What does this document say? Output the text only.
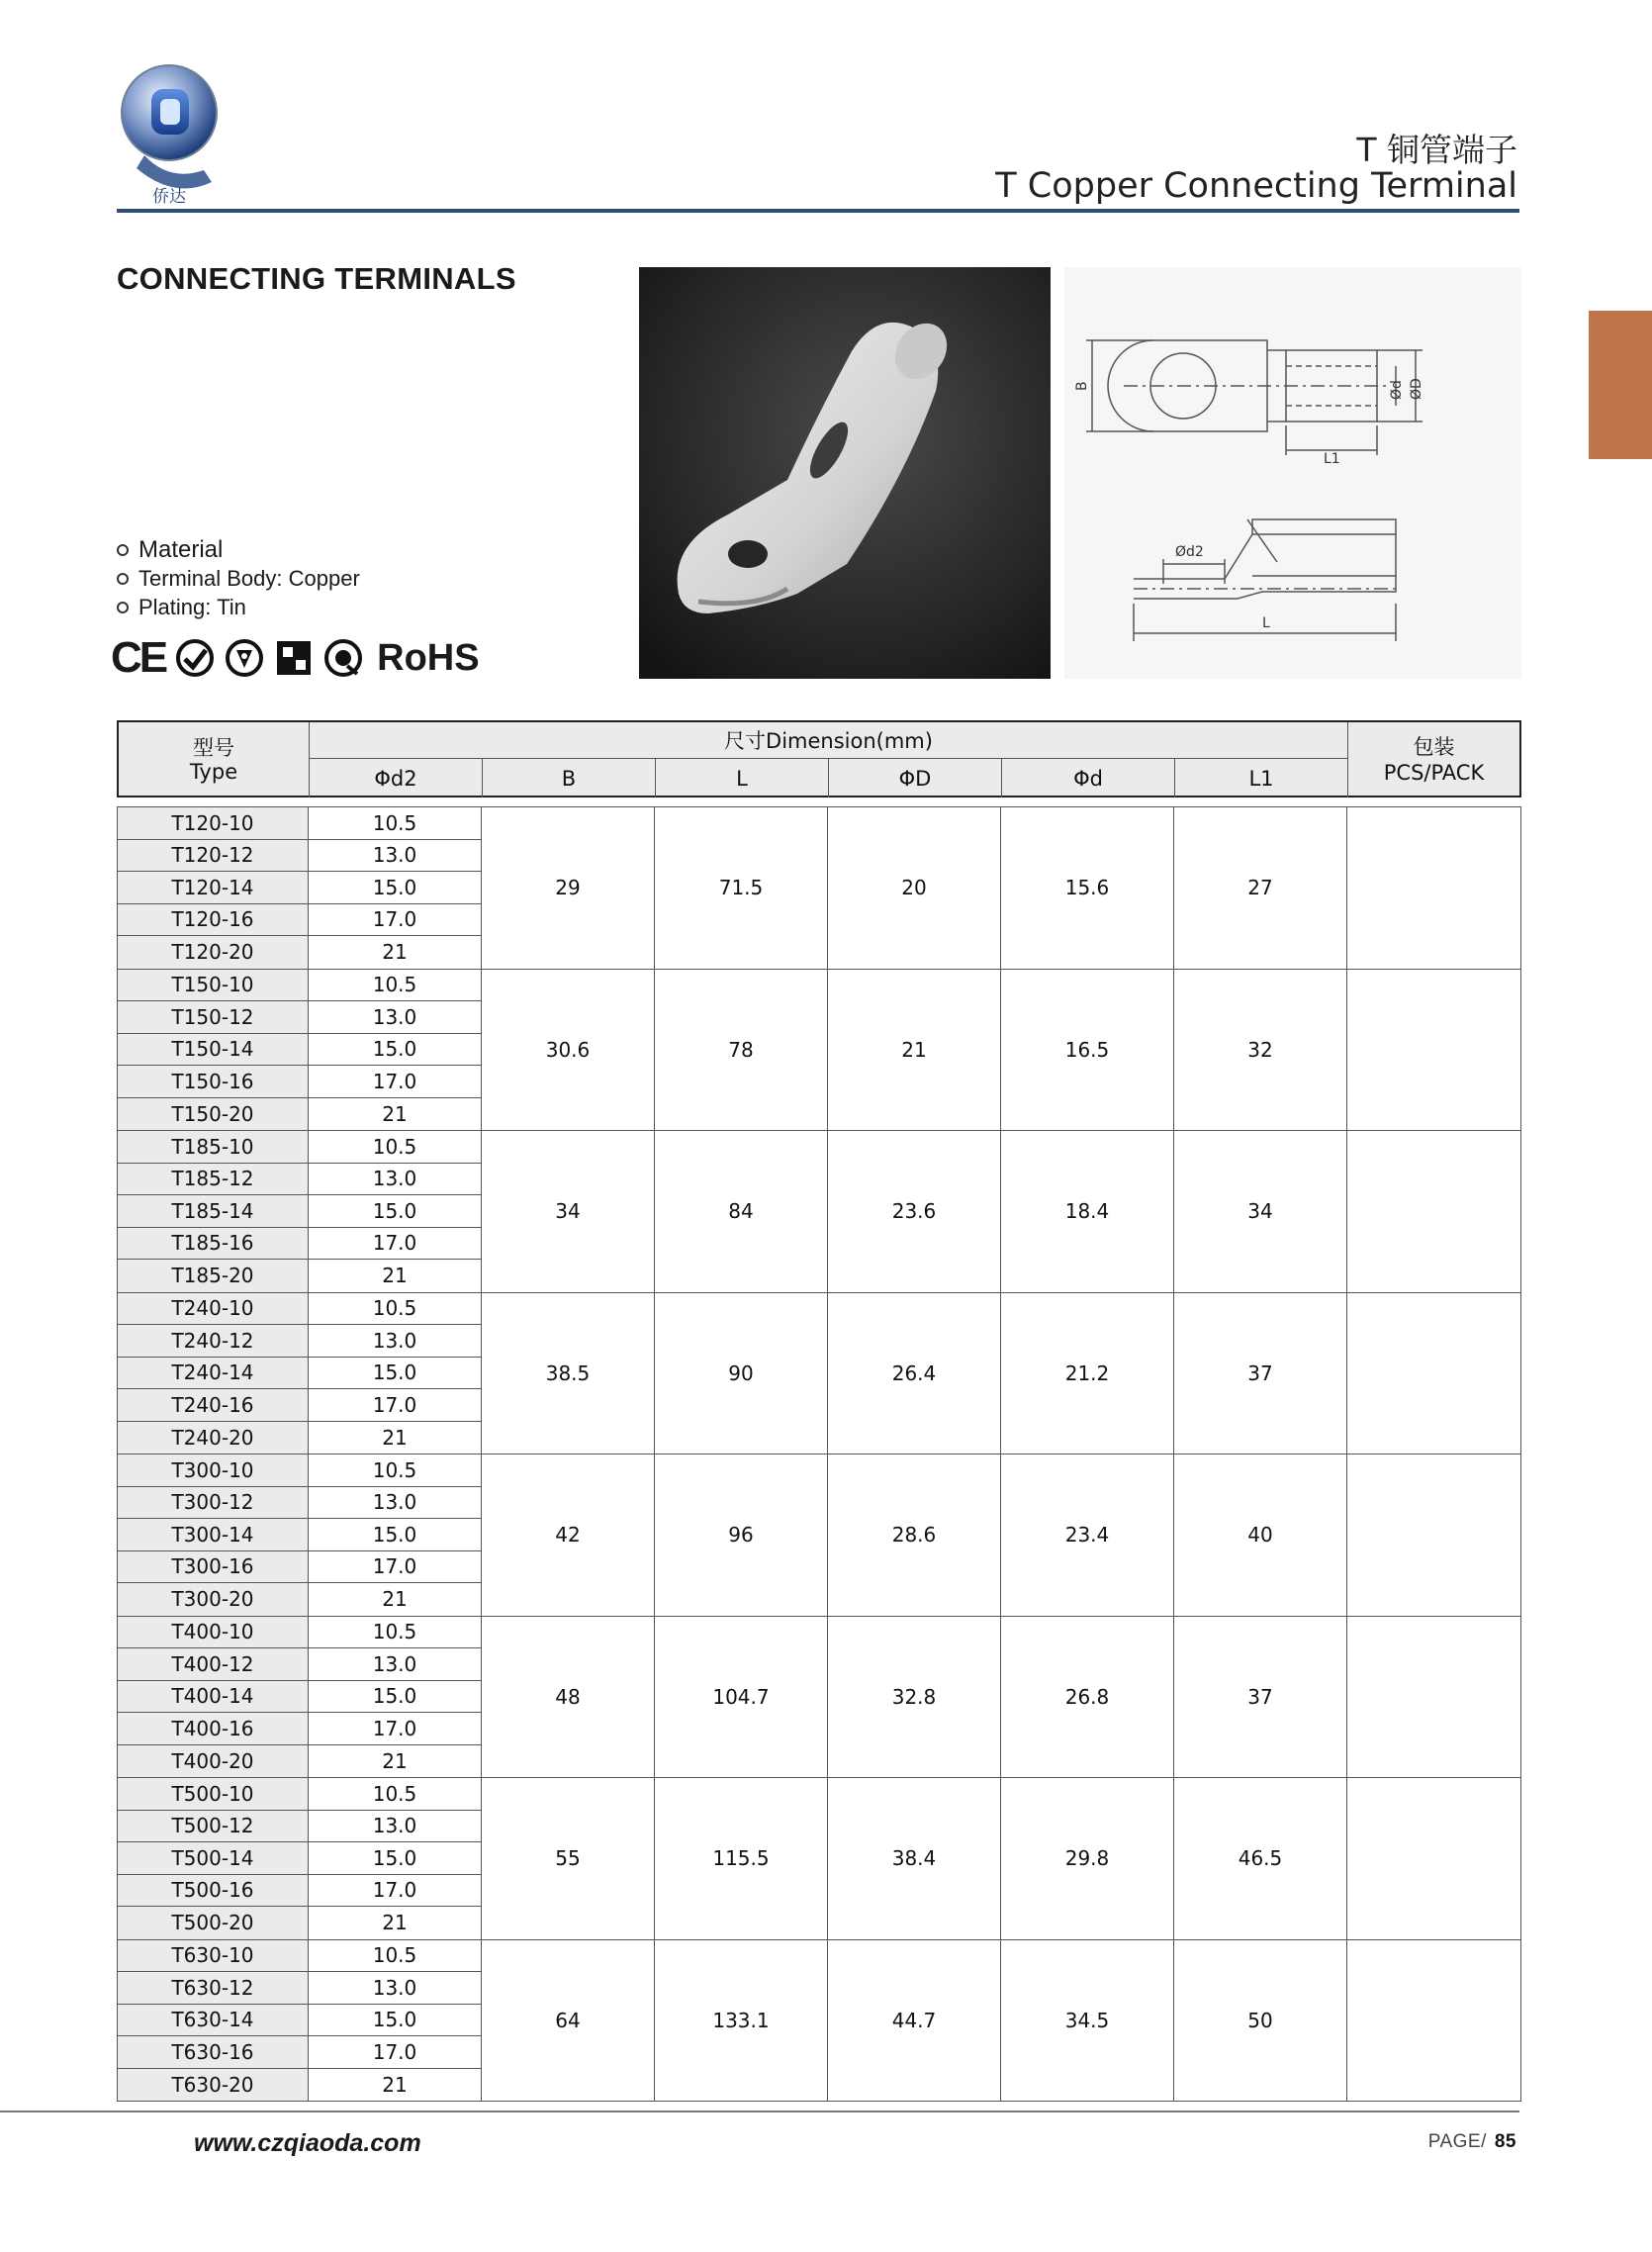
侨达
T 铜管端子
T Copper Connecting Terminal
CONNECTING TERMINALS
Material
Terminal Body: Copper
Plating: Tin
CE	RoHS
B
L1
Ød ØD
Ød2
L
型号
Type
尺寸Dimension(mm)	包装
PCS/PACK
Φd2	B	L	ΦD	Φd	L1
T120-10	10.5
T120-12	13.0
T120-14	15.0
T120-16	17.0
T120-20	21
29	71.5	20	15.6	27
T150-10	10.5
T150-12	13.0
T150-14	15.0
T150-16	17.0
T150-20	21
30.6	78	21	16.5	32
T185-10	10.5
T185-12	13.0
T185-14	15.0
T185-16	17.0
T185-20	21
34	84	23.6	18.4	34
T240-10	10.5
T240-12	13.0
T240-14	15.0
T240-16	17.0
T240-20	21
38.5	90	26.4	21.2	37
T300-10	10.5
T300-12	13.0
T300-14	15.0
T300-16	17.0
T300-20	21
42	96	28.6	23.4	40
T400-10	10.5
T400-12	13.0
T400-14	15.0
T400-16	17.0
T400-20	21
48	104.7	32.8	26.8	37
T500-10	10.5
T500-12	13.0
T500-14	15.0
T500-16	17.0
T500-20	21
55	115.5	38.4	29.8	46.5
T630-10	10.5
T630-12	13.0
T630-14	15.0
T630-16	17.0
T630-20	21
64	133.1	44.7	34.5	50
www.czqiaoda.com	PAGE/ 85
